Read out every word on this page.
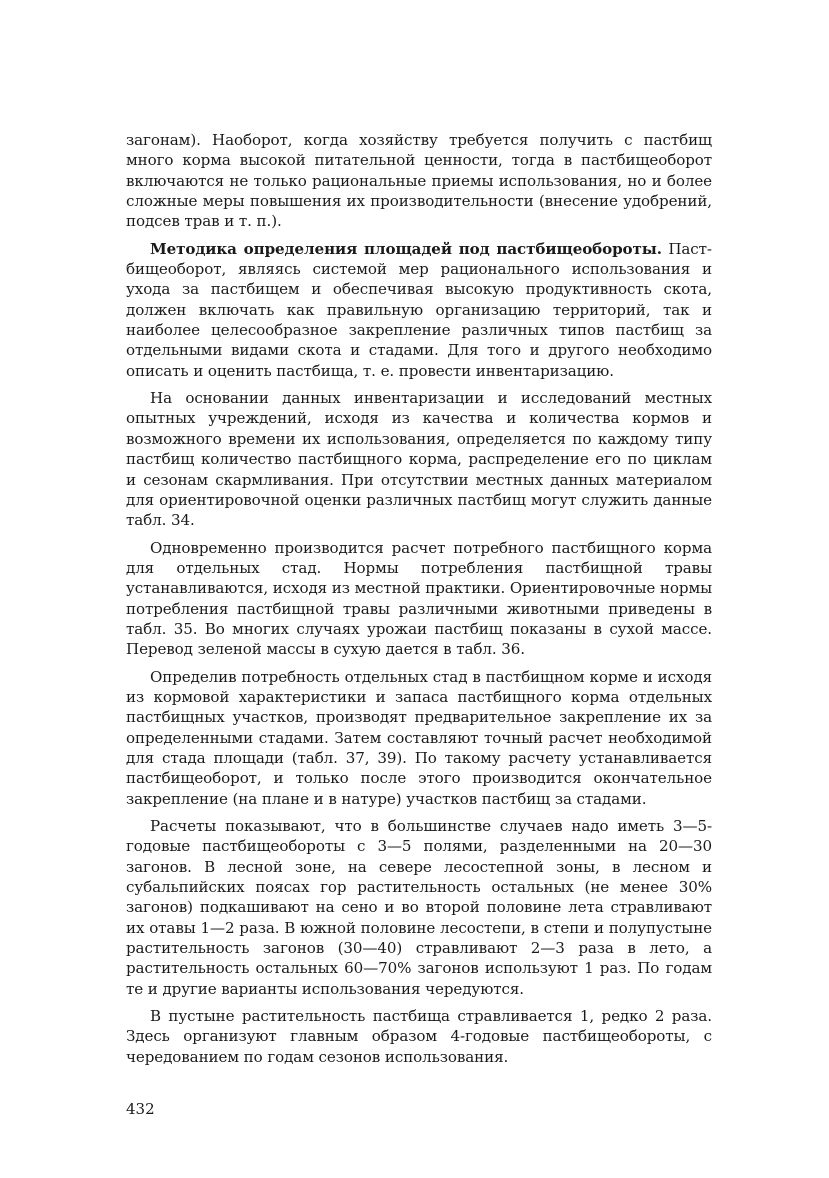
загонам). Наоборот, когда хозяйству требуется получить с пастбищ много корма высокой питательной ценности, тогда в пастбищеоборот включаются не только рациональные приемы использования, но и более сложные меры повышения их производительности (внесение удобрений, подсев трав и т. п.).

Методика определения площадей под пастбищеобороты. Пастбищеоборот, являясь системой мер рационального использования и ухода за пастбищем и обеспечивая высокую продуктивность скота, должен включать как правильную организацию территорий, так и наиболее целесообразное закрепление различных типов пастбищ за отдельными видами скота и стадами. Для того и другого необходимо описать и оценить пастбища, т. е. провести инвентаризацию.

На основании данных инвентаризации и исследований местных опытных учреждений, исходя из качества и количества кормов и возможного времени их использования, определяется по каждому типу пастбищ количество пастбищного корма, распределение его по циклам и сезонам скармливания. При отсутствии местных данных материалом для ориентировочной оценки различных пастбищ могут служить данные табл. 34.

Одновременно производится расчет потребного пастбищного корма для отдельных стад. Нормы потребления пастбищной травы устанавливаются, исходя из местной практики. Ориентировочные нормы потребления пастбищной травы различными животными приведены в табл. 35. Во многих случаях урожаи пастбищ показаны в сухой массе. Перевод зеленой массы в сухую дается в табл. 36.

Определив потребность отдельных стад в пастбищном корме и исходя из кормовой характеристики и запаса пастбищного корма отдельных пастбищных участков, производят предварительное закрепление их за определенными стадами. Затем составляют точный расчет необходимой для стада площади (табл. 37, 39). По такому расчету устанавливается пастбищеоборот, и только после этого производится окончательное закрепление (на плане и в натуре) участков пастбищ за стадами.

Расчеты показывают, что в большинстве случаев надо иметь 3—5-годовые пастбищеобороты с 3—5 полями, разделенными на 20—30 загонов. В лесной зоне, на севере лесостепной зоны, в лесном и субальпийских поясах гор растительность остальных (не менее 30% загонов) подкашивают на сено и во второй половине лета стравливают их отавы 1—2 раза. В южной половине лесостепи, в степи и полупустыне растительность загонов (30—40) стравливают 2—3 раза в лето, а растительность остальных 60—70% загонов используют 1 раз. По годам те и другие варианты использования чередуются.

В пустыне растительность пастбища стравливается 1, редко 2 раза. Здесь организуют главным образом 4-годовые пастбищеобороты, с чередованием по годам сезонов использования.

432
